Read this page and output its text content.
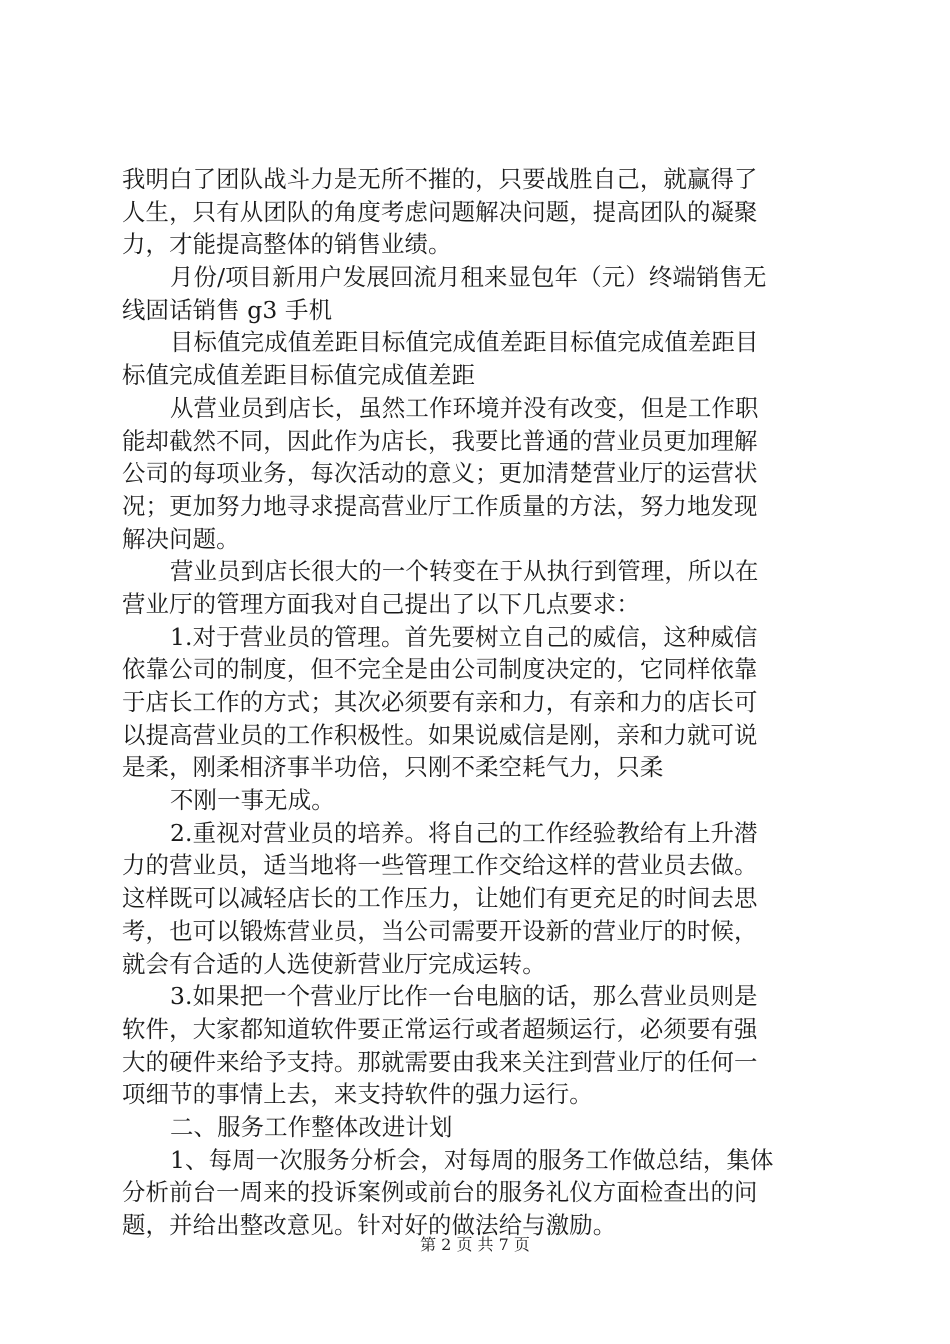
我明白了团队战斗力是无所不摧的，只要战胜自己，就赢得了
人生，只有从团队的角度考虑问题解决问题，提高团队的凝聚
力，才能提高整体的销售业绩。
月份/项目新用户发展回流月租来显包年（元）终端销售无
线固话销售 g3 手机
目标值完成值差距目标值完成值差距目标值完成值差距目
标值完成值差距目标值完成值差距
从营业员到店长，虽然工作环境并没有改变，但是工作职
能却截然不同，因此作为店长，我要比普通的营业员更加理解
公司的每项业务，每次活动的意义；更加清楚营业厅的运营状
况；更加努力地寻求提高营业厅工作质量的方法，努力地发现
解决问题。
营业员到店长很大的一个转变在于从执行到管理，所以在
营业厅的管理方面我对自己提出了以下几点要求：
1.对于营业员的管理。首先要树立自己的威信，这种威信
依靠公司的制度，但不完全是由公司制度决定的，它同样依靠
于店长工作的方式；其次必须要有亲和力，有亲和力的店长可
以提高营业员的工作积极性。如果说威信是刚，亲和力就可说
是柔，刚柔相济事半功倍，只刚不柔空耗气力，只柔
不刚一事无成。
2.重视对营业员的培养。将自己的工作经验教给有上升潜
力的营业员，适当地将一些管理工作交给这样的营业员去做。
这样既可以减轻店长的工作压力，让她们有更充足的时间去思
考，也可以锻炼营业员，当公司需要开设新的营业厅的时候，
就会有合适的人选使新营业厅完成运转。
3.如果把一个营业厅比作一台电脑的话，那么营业员则是
软件，大家都知道软件要正常运行或者超频运行，必须要有强
大的硬件来给予支持。那就需要由我来关注到营业厅的任何一
项细节的事情上去，来支持软件的强力运行。
二、服务工作整体改进计划
1、每周一次服务分析会，对每周的服务工作做总结，集体
分析前台一周来的投诉案例或前台的服务礼仪方面检查出的问
题，并给出整改意见。针对好的做法给与激励。
第 2 页 共 7 页
